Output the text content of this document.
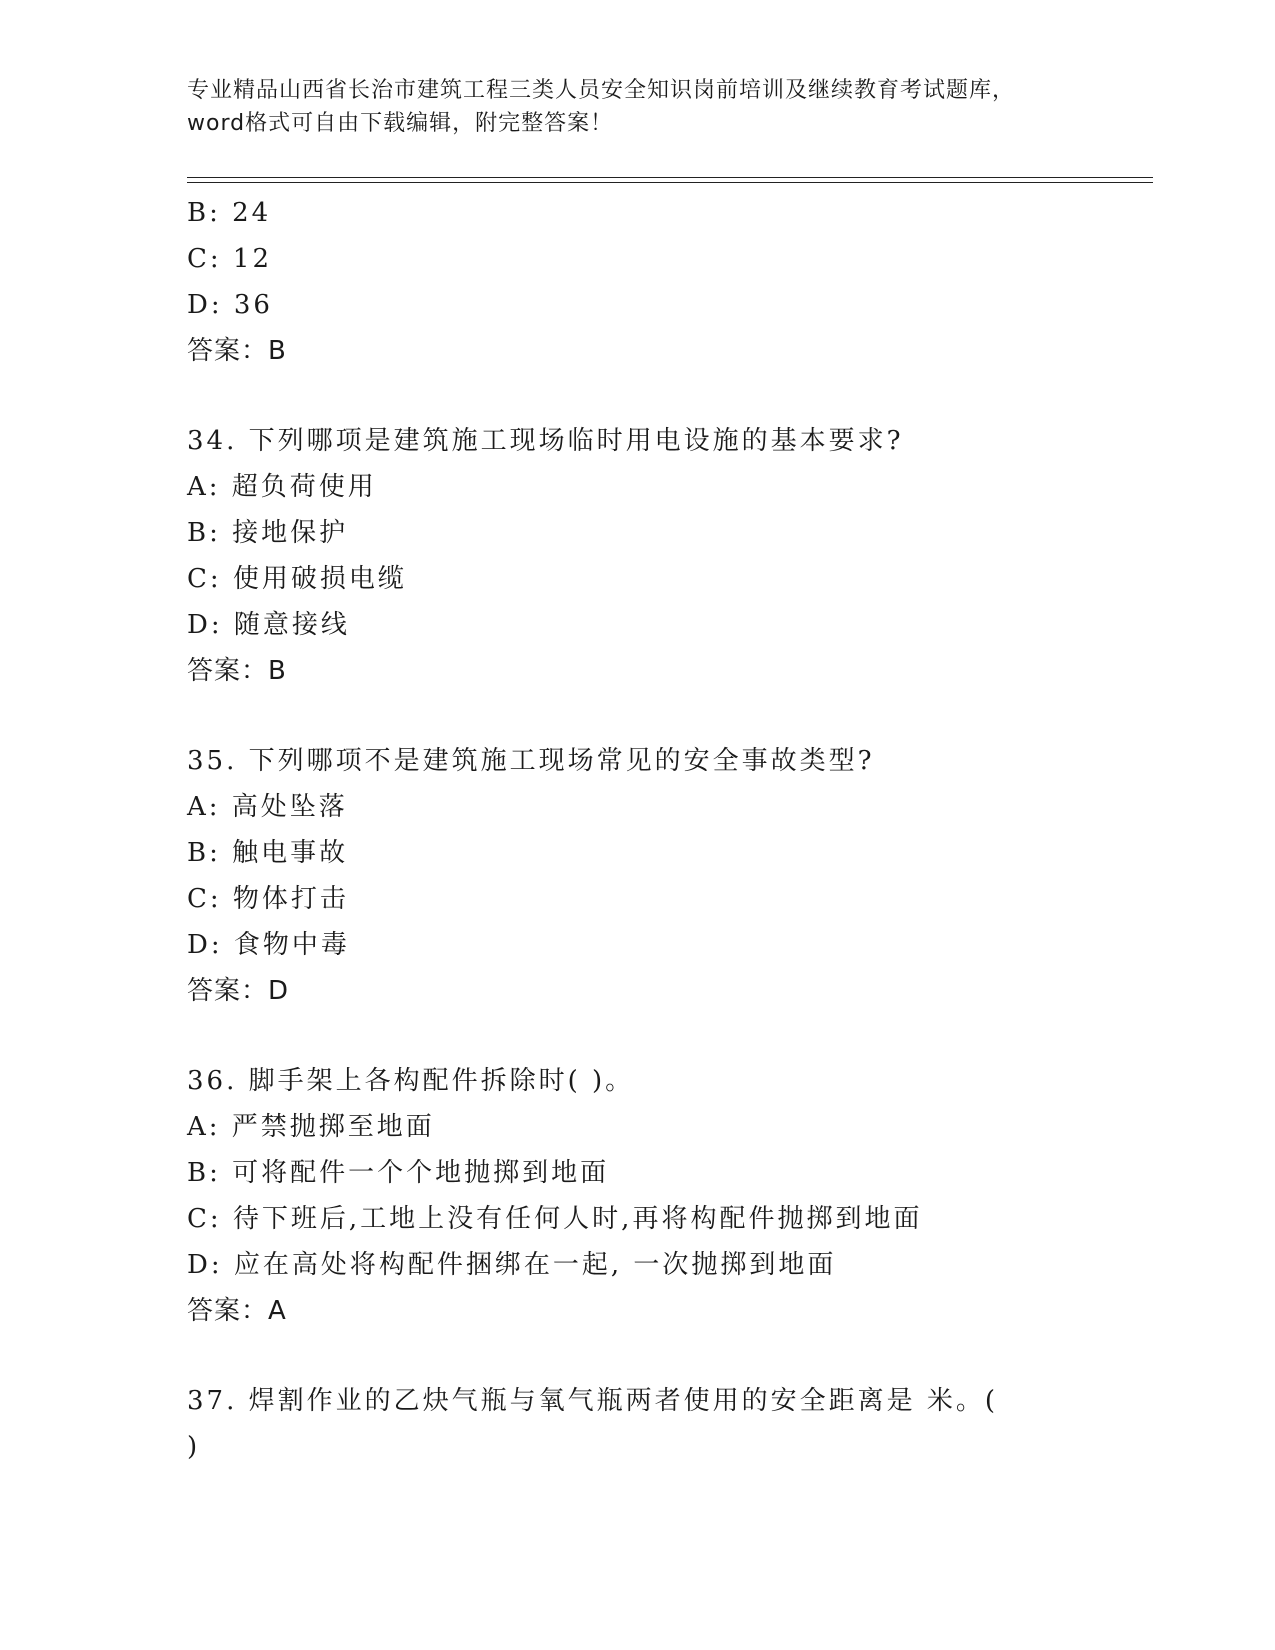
专业精品山西省长治市建筑工程三类人员安全知识岗前培训及继续教育考试题库，
word格式可自由下载编辑，附完整答案！
B: 24
C: 12
D: 36
答案：B
34. 下列哪项是建筑施工现场临时用电设施的基本要求?
A: 超负荷使用
B: 接地保护
C: 使用破损电缆
D: 随意接线
答案：B
35. 下列哪项不是建筑施工现场常见的安全事故类型?
A: 高处坠落
B: 触电事故
C: 物体打击
D: 食物中毒
答案：D
36. 脚手架上各构配件拆除时( )。
A: 严禁抛掷至地面
B: 可将配件一个个地抛掷到地面
C: 待下班后,工地上没有任何人时,再将构配件抛掷到地面
D: 应在高处将构配件捆绑在一起, 一次抛掷到地面
答案：A
37. 焊割作业的乙炔气瓶与氧气瓶两者使用的安全距离是 米。(
)
